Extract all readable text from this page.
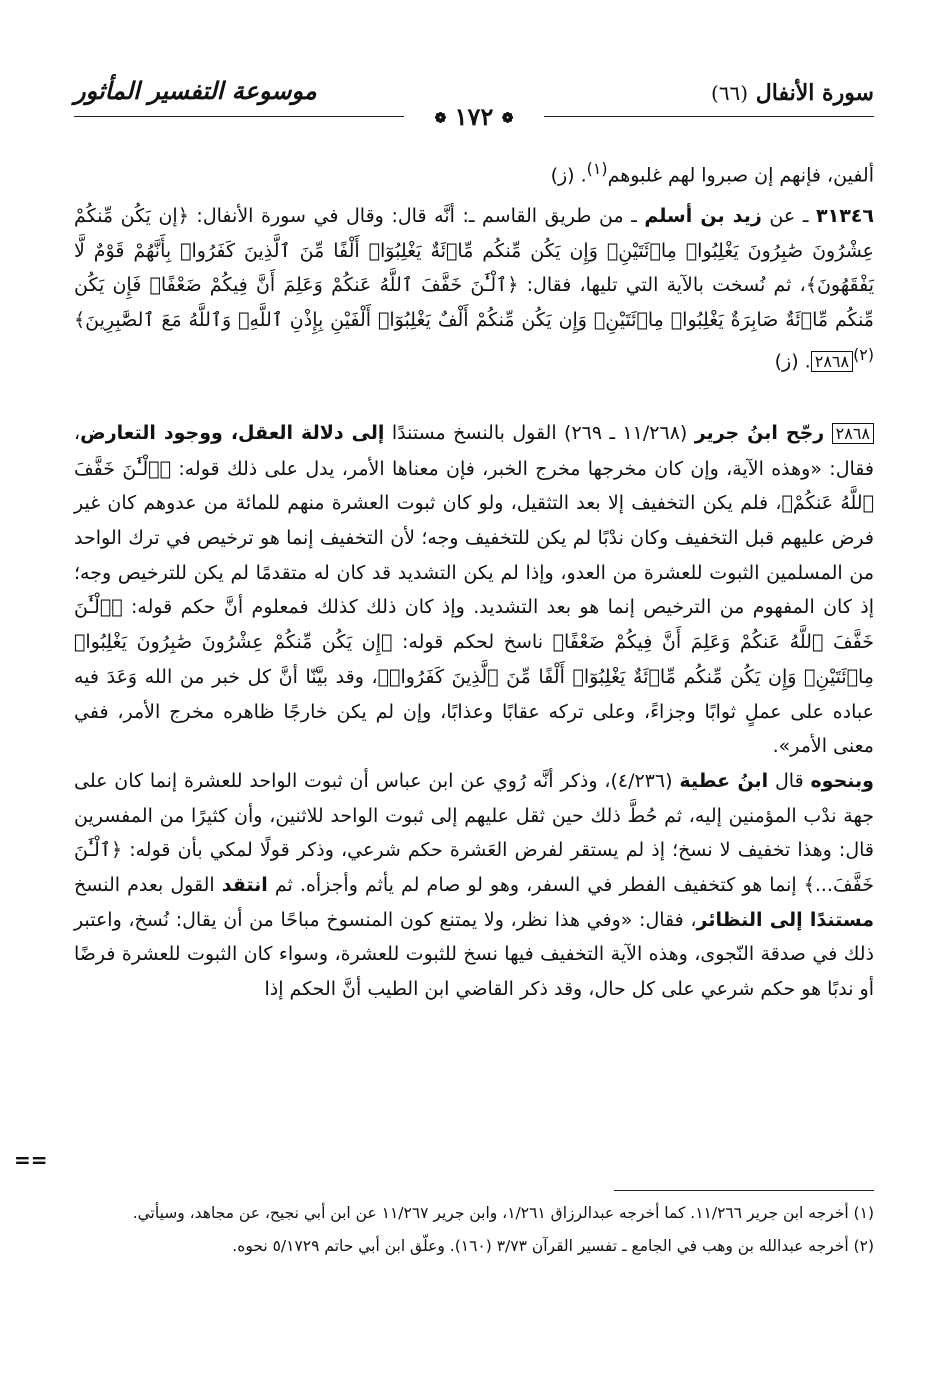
سورة الأنفال (٦٦)
موسوعة التفسير المأثور
❁ ١٧٢ ❁

ألفين، فإنهم إن صبروا لهم غلبوهم$^{(١)}$. (ز)

٣١٣٤٦ ـ عن زيد بن أسلم ـ من طريق القاسم ـ: أنَّه قال: وقال في سورة الأنفال: ﴿إن يَكُن مِّنكُمْ عِشْرُونَ صَٰبِرُونَ يَغْلِبُوا۟ مِا۟ئَتَيْنِۚ وَإِن يَكُن مِّنكُم مِّا۟ئَةٌ يَغْلِبُوٓا۟ أَلْفًا مِّنَ ٱلَّذِينَ كَفَرُوا۟ بِأَنَّهُمْ قَوْمٌ لَّا يَفْقَهُونَ﴾، ثم نُسخت بالآية التي تليها، فقال: ﴿ٱلْـَٰٔنَ خَفَّفَ ٱللَّهُ عَنكُمْ وَعَلِمَ أَنَّ فِيكُمْ ضَعْفًاۚ فَإِن يَكُن مِّنكُم مِّا۟ئَةٌ صَابِرَةٌ يَغْلِبُوا۟ مِا۟ئَتَيْنِۚ وَإِن يَكُن مِّنكُمْ أَلْفٌ يَغْلِبُوٓا۟ أَلْفَيْنِ بِإِذْنِ ٱللَّهِۗ وَٱللَّهُ مَعَ ٱلصَّٰبِرِينَ﴾$^{(٢)}$٢٨٦٨. (ز)

٢٨٦٨ رجّح ابنُ جرير (١١/٢٦٨ ـ ٢٦٩) القول بالنسخ مستندًا إلى دلالة العقل، ووجود التعارض، فقال: «وهذه الآية، وإن كان مخرجها مخرج الخبر، فإن معناها الأمر، يدل على ذلك قوله: ﴿ٱلْـَٰٔنَ خَفَّفَ ٱللَّهُ عَنكُمْ﴾، فلم يكن التخفيف إلا بعد التثقيل، ولو كان ثبوت العشرة منهم للمائة من عدوهم كان غير فرض عليهم قبل التخفيف وكان ندْبًا لم يكن للتخفيف وجه؛ لأن التخفيف إنما هو ترخيص في ترك الواحد من المسلمين الثبوت للعشرة من العدو، وإذا لم يكن التشديد قد كان له متقدمًا لم يكن للترخيص وجه؛ إذ كان المفهوم من الترخيص إنما هو بعد التشديد. وإذ كان ذلك كذلك فمعلوم أنَّ حكم قوله: ﴿ٱلْـَٰٔنَ خَفَّفَ ٱللَّهُ عَنكُمْ وَعَلِمَ أَنَّ فِيكُمْ ضَعْفًا﴾ ناسخ لحكم قوله: ﴿إِن يَكُن مِّنكُمْ عِشْرُونَ صَٰبِرُونَ يَغْلِبُوا۟ مِا۟ئَتَيْنِۚ وَإِن يَكُن مِّنكُم مِّا۟ئَةٌ يَغْلِبُوٓا۟ أَلْفًا مِّنَ ٱلَّذِينَ كَفَرُوا۟﴾، وقد بيَّنّا أنَّ كل خبر من الله وَعَدَ فيه عباده على عملٍ ثوابًا وجزاءً، وعلى تركه عقابًا وعذابًا، وإن لم يكن خارجًا ظاهره مخرج الأمر، ففي معنى الأمر».

وبنحوه قال ابنُ عطية (٤/٢٣٦)، وذكر أنَّه رُوي عن ابن عباس أن ثبوت الواحد للعشرة إنما كان على جهة ندْب المؤمنين إليه، ثم حُطَّ ذلك حين ثقل عليهم إلى ثبوت الواحد للاثنين، وأن كثيرًا من المفسرين قال: وهذا تخفيف لا نسخ؛ إذ لم يستقر لفرض العَشرة حكم شرعي، وذكر قولًا لمكي بأن قوله: ﴿ٱلْـَٰٔنَ خَفَّفَ...﴾ إنما هو كتخفيف الفطر في السفر، وهو لو صام لم يأثم وأجزأه. ثم انتقد القول بعدم النسخ مستندًا إلى النظائر، فقال: «وفي هذا نظر، ولا يمتنع كون المنسوخ مباحًا من أن يقال: نُسخ، واعتبر ذلك في صدقة النّجوى، وهذه الآية التخفيف فيها نسخ للثبوت للعشرة، وسواء كان الثبوت للعشرة فرضًا أو ندبًا هو حكم شرعي على كل حال، وقد ذكر القاضي ابن الطيب أنَّ الحكم إذا

==

(١) أخرجه ابن جرير ١١/٢٦٦. كما أخرجه عبدالرزاق ١/٢٦١، وابن جرير ١١/٢٦٧ عن ابن أبي نجيح، عن مجاهد، وسيأتي.

(٢) أخرجه عبدالله بن وهب في الجامع ـ تفسير القرآن ٣/٧٣ (١٦٠). وعلّق ابن أبي حاتم ٥/١٧٢٩ نحوه.
